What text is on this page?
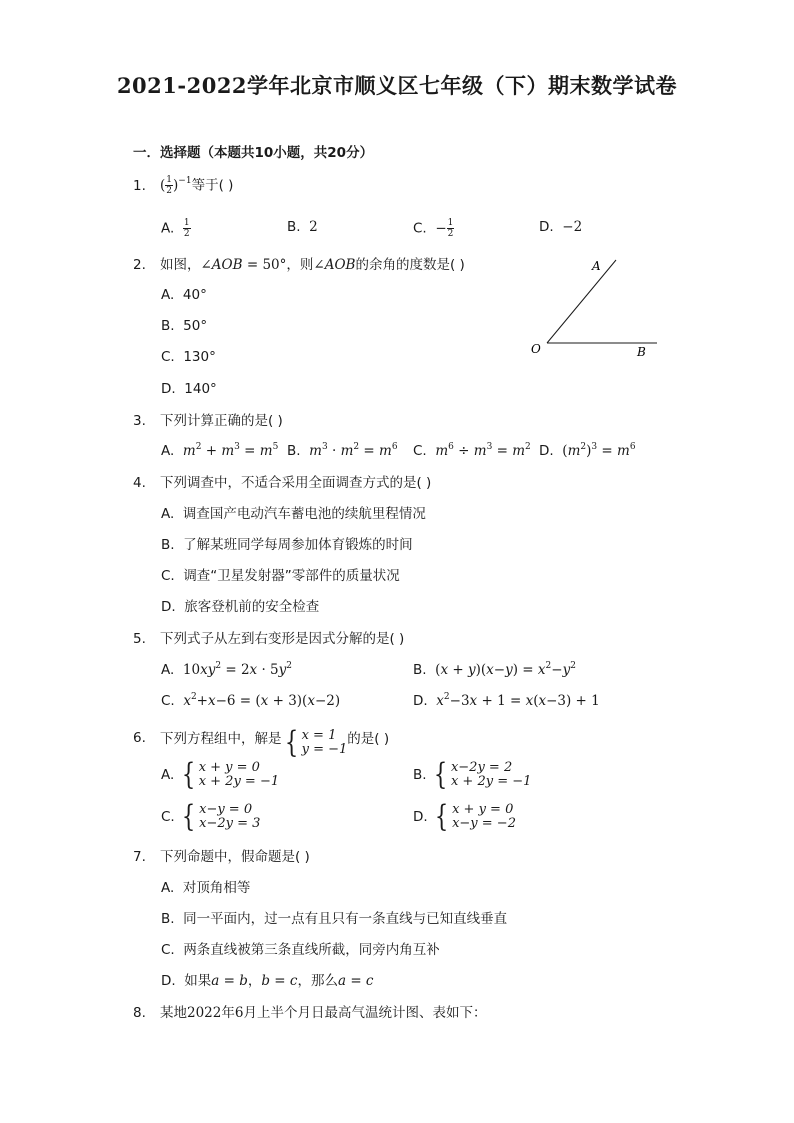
2021-2022学年北京市顺义区七年级（下）期末数学试卷
一．选择题（本题共10小题，共20分）
1. ( $\frac{1}{2} )^{-1}$等于( )
A. $\frac{1}{2}$	B. 2	C. − $\frac{1}{2}$	D. −2
2. 如图，∠AOB = 50°，则∠AOB的余角的度数是( )
A. 40°
B. 50°
C. 130°
D. 140°
A
O	B
3. 下列计算正确的是( )
A. $m^2 + m^3 = m^5$ B. $m^3 \cdot m^2 = m^6$ C. $m^6 \div m^3 = m^2$ D. $(m^2)^3 = m^6$
4. 下列调查中，不适合采用全面调查方式的是( )
A. 调查国产电动汽车蓄电池的续航里程情况
B. 了解某班同学每周参加体育锻炼的时间
C. 调查“卫星发射器”零部件的质量状况
D. 旅客登机前的安全检查
5. 下列式子从左到右变形是因式分解的是( )
A. $10xy^2 = 2x \cdot 5y^2$	B. $(x + y)(x-y) = x^2-y^2$
C. $x^2+x-6 = (x + 3)(x-2)$	D. $x^2-3x + 1 = x(x-3) + 1$
6. 下列方程组中，解是 { x = 1
y = −1
的是( )
A. { x + y = 0
x + 2y = −1	B. { x−2y = 2
x + 2y = −1
C. { x−y = 0
x−2y = 3	D. { x + y = 0
x−y = −2
7. 下列命题中，假命题是( )
A. 对顶角相等
B. 同一平面内，过一点有且只有一条直线与已知直线垂直
C. 两条直线被第三条直线所截，同旁内角互补
D. 如果a = b，b = c，那么a = c
8. 某地2022年6月上半个月日最高气温统计图、表如下：
